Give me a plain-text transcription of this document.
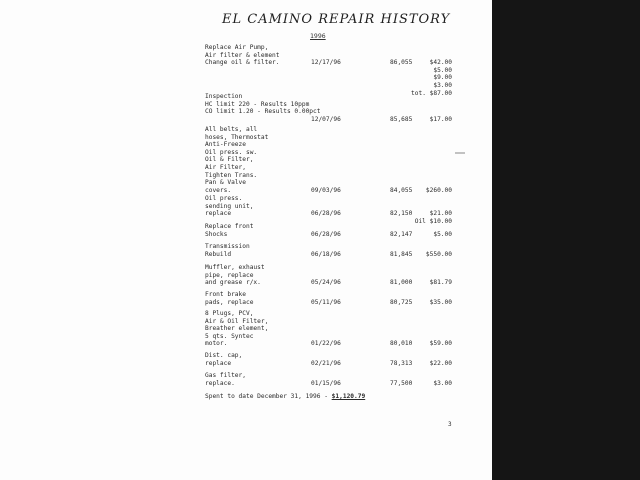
EL CAMINO REPAIR HISTORY
1996
Replace Air Pump,
Air filter & element
Change oil & filter.	12/17/96	86,055	$42.00
$5.00
$9.00
$3.00
tot. $87.00
Inspection
HC limit 220 - Results 10ppm
CO limit 1.20 - Results 0.00pct

12/07/96	85,685	$17.00
All belts, all
hoses, Thermostat
Anti-Freeze
Oil press. sw.
Oil & Filter,
Air Filter,
Tighten Trans.
Pan & Valve
covers.	09/03/96	84,055	$260.00
Oil press.
sending unit,
replace	06/28/96	82,150	$21.00
Oil $10.00
Replace front
Shocks	06/28/96	82,147	$5.00
Transmission
Rebuild	06/18/96	81,845	$550.00
Muffler, exhaust
pipe, replace
and grease r/x.	05/24/96	81,000	$81.79
Front brake
pads, replace	05/11/96	80,725	$35.00
8 Plugs, PCV,
Air & Oil Filter,
Breather element,
5 qts. Syntec
motor.	01/22/96	80,010	$59.00
Dist. cap,
replace	02/21/96	78,313	$22.00
Gas filter,
replace.	01/15/96	77,500	$3.00
Spent to date December 31, 1996 - $1,120.79
3
